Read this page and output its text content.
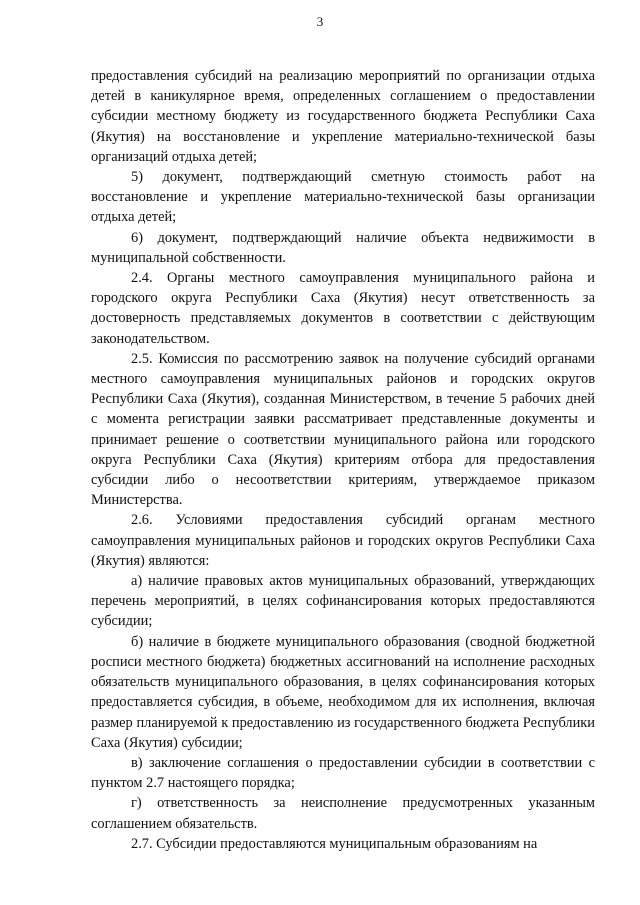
3

предоставления субсидий на реализацию мероприятий по организации отдыха детей в каникулярное время, определенных соглашением о предоставлении субсидии местному бюджету из государственного бюджета Республики Саха (Якутия) на восстановление и укрепление материально-технической базы организаций отдыха детей;

5) документ, подтверждающий сметную стоимость работ на восстановление и укрепление материально-технической базы организации отдыха детей;

6) документ, подтверждающий наличие объекта недвижимости в муниципальной собственности.

2.4. Органы местного самоуправления муниципального района и городского округа Республики Саха (Якутия) несут ответственность за достоверность представляемых документов в соответствии с действующим законодательством.

2.5. Комиссия по рассмотрению заявок на получение субсидий органами местного самоуправления муниципальных районов и городских округов Республики Саха (Якутия), созданная Министерством, в течение 5 рабочих дней с момента регистрации заявки рассматривает представленные документы и принимает решение о соответствии муниципального района или городского округа Республики Саха (Якутия) критериям отбора для предоставления субсидии либо о несоответствии критериям, утверждаемое приказом Министерства.

2.6. Условиями предоставления субсидий органам местного самоуправления муниципальных районов и городских округов Республики Саха (Якутия) являются:

а) наличие правовых актов муниципальных образований, утверждающих перечень мероприятий, в целях софинансирования которых предоставляются субсидии;

б) наличие в бюджете муниципального образования (сводной бюджетной росписи местного бюджета) бюджетных ассигнований на исполнение расходных обязательств муниципального образования, в целях софинансирования которых предоставляется субсидия, в объеме, необходимом для их исполнения, включая размер планируемой к предоставлению из государственного бюджета Республики Саха (Якутия) субсидии;

в) заключение соглашения о предоставлении субсидии в соответствии с пунктом 2.7 настоящего порядка;

г) ответственность за неисполнение предусмотренных указанным соглашением обязательств.

2.7. Субсидии предоставляются муниципальным образованиям на
